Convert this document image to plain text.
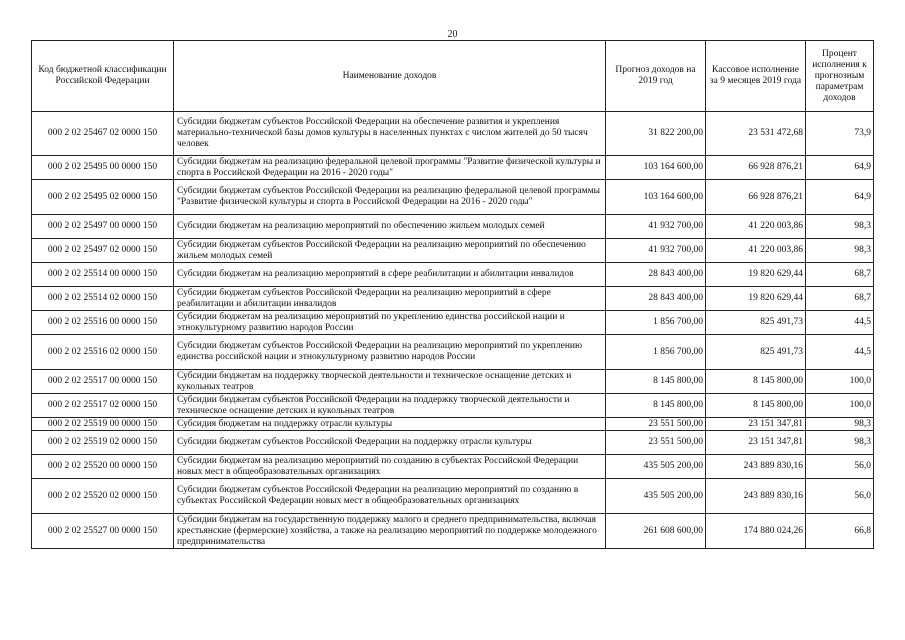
20
Код бюджетной классификации Российской Федерации	Наименование доходов	Прогноз доходов на 2019 год	Кассовое исполнение за 9 месяцев 2019 года	Процент исполнения к прогнозным параметрам доходов
000 2 02 25467 02 0000 150	Субсидии бюджетам субъектов Российской Федерации на обеспечение развития и укрепления материально-технической базы домов культуры в населенных пунктах с числом жителей до 50 тысяч человек	31 822 200,00	23 531 472,68	73,9
000 2 02 25495 00 0000 150	Субсидии бюджетам на реализацию федеральной целевой программы "Развитие физической культуры и спорта в Российской Федерации на 2016 - 2020 годы"	103 164 600,00	66 928 876,21	64,9
000 2 02 25495 02 0000 150	Субсидии бюджетам субъектов Российской Федерации на реализацию федеральной целевой программы "Развитие физической культуры и спорта в Российской Федерации на 2016 - 2020 годы"	103 164 600,00	66 928 876,21	64,9
000 2 02 25497 00 0000 150	Субсидии бюджетам на реализацию мероприятий по обеспечению жильем молодых семей	41 932 700,00	41 220 003,86	98,3
000 2 02 25497 02 0000 150	Субсидии бюджетам субъектов Российской Федерации на реализацию мероприятий по обеспечению жильем молодых семей	41 932 700,00	41 220 003,86	98,3
000 2 02 25514 00 0000 150	Субсидии бюджетам на реализацию мероприятий в сфере реабилитации и абилитации инвалидов	28 843 400,00	19 820 629,44	68,7
000 2 02 25514 02 0000 150	Субсидии бюджетам субъектов Российской Федерации на реализацию мероприятий в сфере реабилитации и абилитации инвалидов	28 843 400,00	19 820 629,44	68,7
000 2 02 25516 00 0000 150	Субсидии бюджетам на реализацию мероприятий по укреплению единства российской нации и этнокультурному развитию народов России	1 856 700,00	825 491,73	44,5
000 2 02 25516 02 0000 150	Субсидии бюджетам субъектов Российской Федерации на реализацию мероприятий по укреплению единства российской нации и этнокультурному развитию народов России	1 856 700,00	825 491,73	44,5
000 2 02 25517 00 0000 150	Субсидии бюджетам на поддержку творческой деятельности и техническое оснащение детских и кукольных театров	8 145 800,00	8 145 800,00	100,0
000 2 02 25517 02 0000 150	Субсидии бюджетам субъектов Российской Федерации на поддержку творческой деятельности и техническое оснащение детских и кукольных театров	8 145 800,00	8 145 800,00	100,0
000 2 02 25519 00 0000 150	Субсидия бюджетам на поддержку отрасли культуры	23 551 500,00	23 151 347,81	98,3
000 2 02 25519 02 0000 150	Субсидии бюджетам субъектов Российской Федерации на поддержку отрасли культуры	23 551 500,00	23 151 347,81	98,3
000 2 02 25520 00 0000 150	Субсидии бюджетам на реализацию мероприятий по созданию в субъектах Российской Федерации новых мест в общеобразовательных организациях	435 505 200,00	243 889 830,16	56,0
000 2 02 25520 02 0000 150	Субсидии бюджетам субъектов Российской Федерации на реализацию мероприятий по созданию в субъектах Российской Федерации новых мест в общеобразовательных организациях	435 505 200,00	243 889 830,16	56,0
000 2 02 25527 00 0000 150	Субсидии бюджетам на государственную поддержку малого и среднего предпринимательства, включая крестьянские (фермерские) хозяйства, а также на реализацию мероприятий по поддержке молодежного предпринимательства	261 608 600,00	174 880 024,26	66,8
